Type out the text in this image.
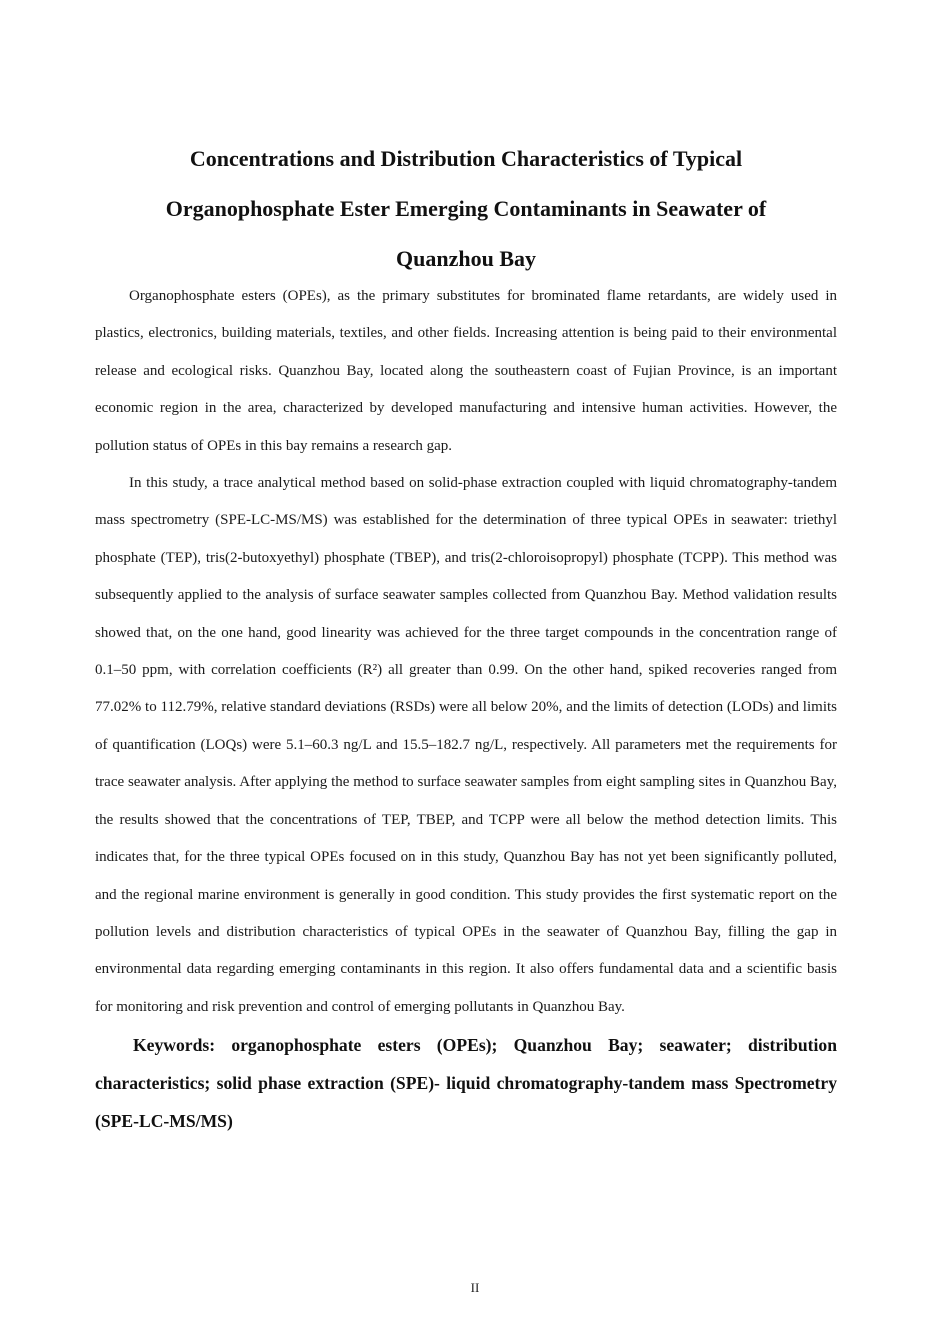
Concentrations and Distribution Characteristics of Typical
Organophosphate Ester Emerging Contaminants in Seawater of
Quanzhou Bay

Organophosphate esters (OPEs), as the primary substitutes for brominated flame retardants, are widely used in plastics, electronics, building materials, textiles, and other fields. Increasing attention is being paid to their environmental release and ecological risks. Quanzhou Bay, located along the southeastern coast of Fujian Province, is an important economic region in the area, characterized by developed manufacturing and intensive human activities. However, the pollution status of OPEs in this bay remains a research gap.

In this study, a trace analytical method based on solid-phase extraction coupled with liquid chromatography-tandem mass spectrometry (SPE-LC-MS/MS) was established for the determination of three typical OPEs in seawater: triethyl phosphate (TEP), tris(2-butoxyethyl) phosphate (TBEP), and tris(2-chloroisopropyl) phosphate (TCPP). This method was subsequently applied to the analysis of surface seawater samples collected from Quanzhou Bay. Method validation results showed that, on the one hand, good linearity was achieved for the three target compounds in the concentration range of 0.1–50 ppm, with correlation coefficients (R²) all greater than 0.99. On the other hand, spiked recoveries ranged from 77.02% to 112.79%, relative standard deviations (RSDs) were all below 20%, and the limits of detection (LODs) and limits of quantification (LOQs) were 5.1–60.3 ng/L and 15.5–182.7 ng/L, respectively. All parameters met the requirements for trace seawater analysis. After applying the method to surface seawater samples from eight sampling sites in Quanzhou Bay, the results showed that the concentrations of TEP, TBEP, and TCPP were all below the method detection limits. This indicates that, for the three typical OPEs focused on in this study, Quanzhou Bay has not yet been significantly polluted, and the regional marine environment is generally in good condition. This study provides the first systematic report on the pollution levels and distribution characteristics of typical OPEs in the seawater of Quanzhou Bay, filling the gap in environmental data regarding emerging contaminants in this region. It also offers fundamental data and a scientific basis for monitoring and risk prevention and control of emerging pollutants in Quanzhou Bay.

Keywords: organophosphate esters (OPEs); Quanzhou Bay; seawater; distribution characteristics; solid phase extraction (SPE)- liquid chromatography-tandem mass Spectrometry (SPE-LC-MS/MS)

II
